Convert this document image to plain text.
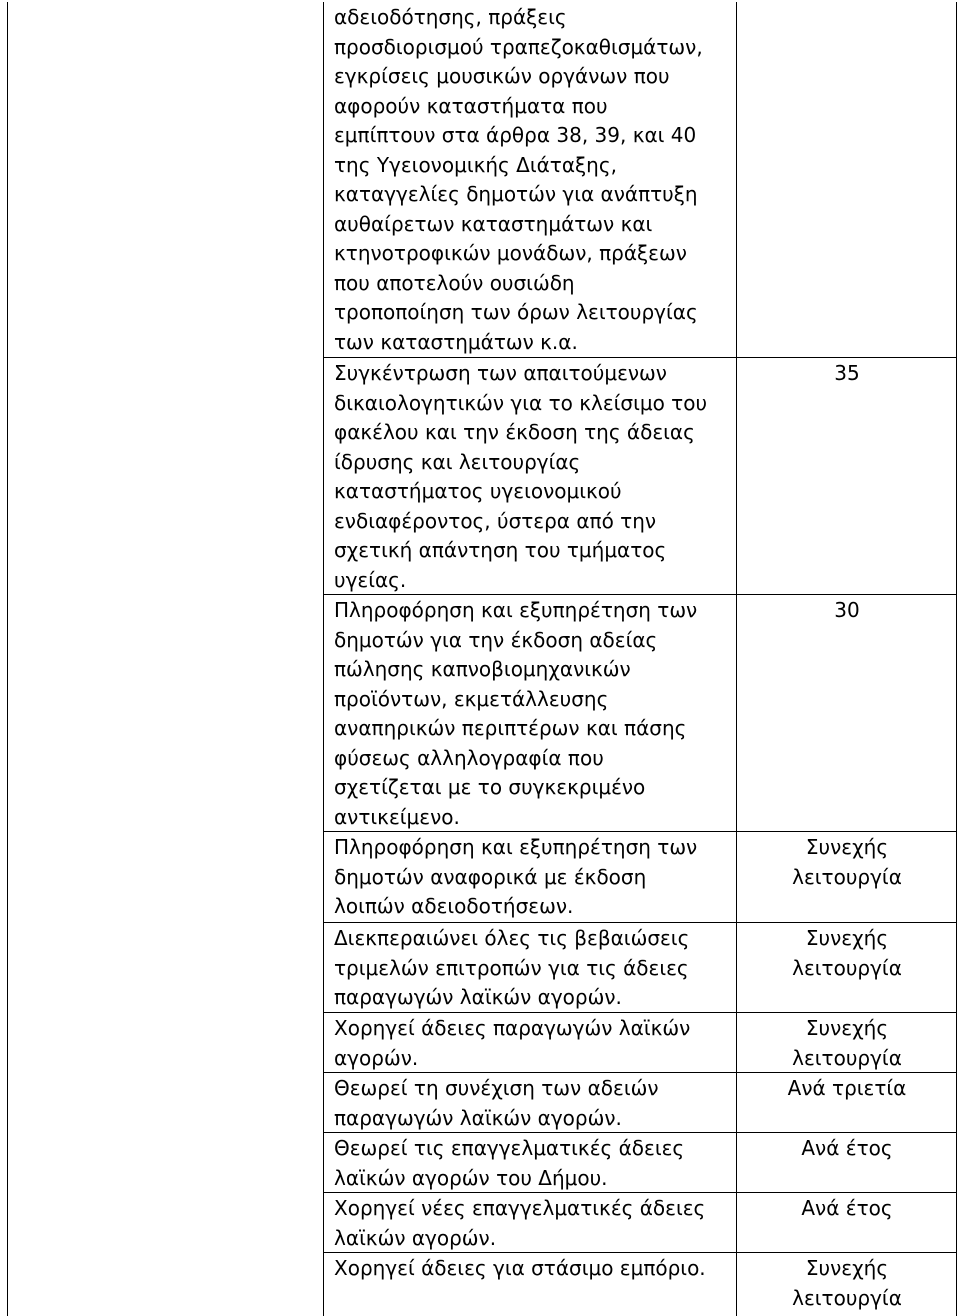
αδειοδότησης, πράξεις
προσδιορισμού τραπεζοκαθισμάτων,
εγκρίσεις μουσικών οργάνων που
αφορούν καταστήματα που
εμπίπτουν στα άρθρα 38, 39, και 40
της Υγειονομικής Διάταξης,
καταγγελίες δημοτών για ανάπτυξη
αυθαίρετων καταστημάτων και
κτηνοτροφικών μονάδων, πράξεων
που αποτελούν ουσιώδη
τροποποίηση των όρων λειτουργίας
των καταστημάτων κ.α.
Συγκέντρωση των απαιτούμενων
δικαιολογητικών για το κλείσιμο του
φακέλου και την έκδοση της άδειας
ίδρυσης και λειτουργίας
καταστήματος υγειονομικού
ενδιαφέροντος, ύστερα από την
σχετική απάντηση του τμήματος
υγείας.
35
Πληροφόρηση και εξυπηρέτηση των
δημοτών για την έκδοση αδείας
πώλησης καπνοβιομηχανικών
προϊόντων, εκμετάλλευσης
αναπηρικών περιπτέρων και πάσης
φύσεως αλληλογραφία που
σχετίζεται με το συγκεκριμένο
αντικείμενο.
30
Πληροφόρηση και εξυπηρέτηση των
δημοτών αναφορικά με έκδοση
λοιπών αδειοδοτήσεων.
Συνεχής
λειτουργία
Διεκπεραιώνει όλες τις βεβαιώσεις
τριμελών επιτροπών για τις άδειες
παραγωγών λαϊκών αγορών.
Συνεχής
λειτουργία
Χορηγεί άδειες παραγωγών λαϊκών
αγορών.
Συνεχής
λειτουργία
Θεωρεί τη συνέχιση των αδειών
παραγωγών λαϊκών αγορών.
Ανά τριετία
Θεωρεί τις επαγγελματικές άδειες
λαϊκών αγορών του Δήμου.
Ανά έτος
Χορηγεί νέες επαγγελματικές άδειες
λαϊκών αγορών.
Ανά έτος
Χορηγεί άδειες για στάσιμο εμπόριο.	Συνεχής
λειτουργία
